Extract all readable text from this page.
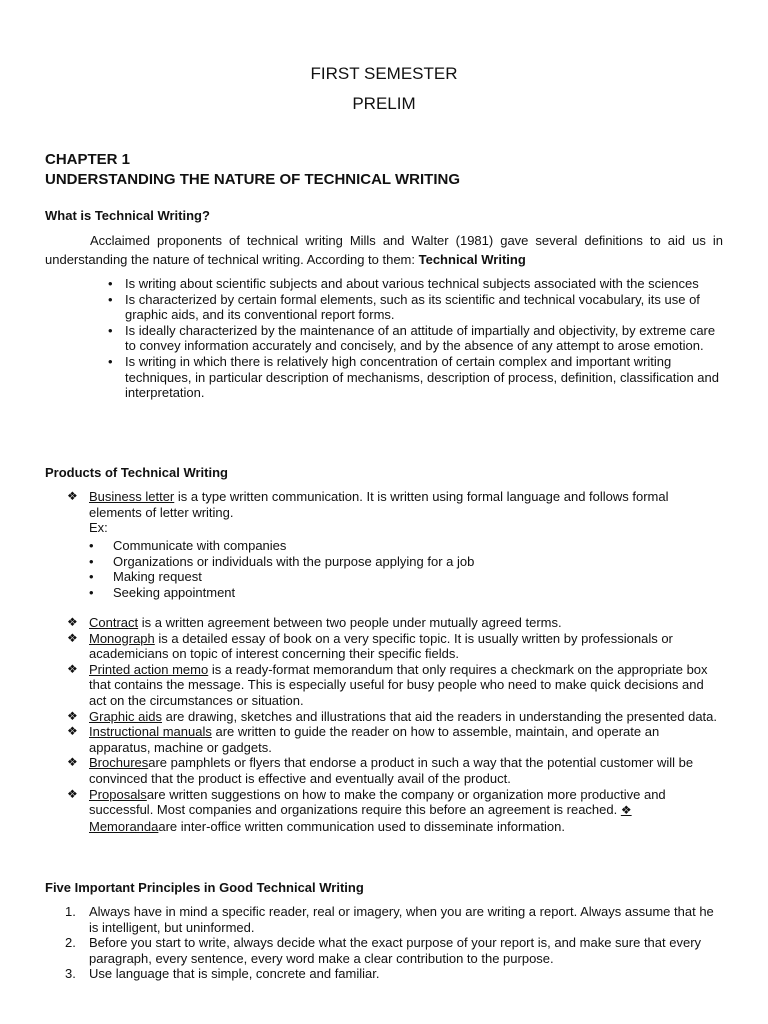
FIRST SEMESTER
PRELIM
CHAPTER 1
UNDERSTANDING THE NATURE OF TECHNICAL WRITING
What is Technical Writing?
Acclaimed proponents of technical writing Mills and Walter (1981) gave several definitions to aid us in understanding the nature of technical writing. According to them: Technical Writing
• Is writing about scientific subjects and about various technical subjects associated with the sciences
• Is characterized by certain formal elements, such as its scientific and technical vocabulary, its use of graphic aids, and its conventional report forms.
• Is ideally characterized by the maintenance of an attitude of impartially and objectivity, by extreme care to convey information accurately and concisely, and by the absence of any attempt to arose emotion.
• Is writing in which there is relatively high concentration of certain complex and important writing techniques, in particular description of mechanisms, description of process, definition, classification and interpretation.
Products of Technical Writing
❖ Business letter is a type written communication. It is written using formal language and follows formal elements of letter writing.
Ex:
• Communicate with companies
• Organizations or individuals with the purpose applying for a job
• Making request
• Seeking appointment
❖ Contract is a written agreement between two people under mutually agreed terms.
❖ Monograph is a detailed essay of book on a very specific topic. It is usually written by professionals or academicians on topic of interest concerning their specific fields.
❖ Printed action memo is a ready-format memorandum that only requires a checkmark on the appropriate box that contains the message. This is especially useful for busy people who need to make quick decisions and act on the circumstances or situation.
❖ Graphic aids are drawing, sketches and illustrations that aid the readers in understanding the presented data.
❖ Instructional manuals are written to guide the reader on how to assemble, maintain, and operate an apparatus, machine or gadgets.
❖ Brochuresare pamphlets or flyers that endorse a product in such a way that the potential customer will be convinced that the product is effective and eventually avail of the product.
❖ Proposalsare written suggestions on how to make the company or organization more productive and successful. Most companies and organizations require this before an agreement is reached. ❖
Memorandaare inter-office written communication used to disseminate information.
Five Important Principles in Good Technical Writing
1. Always have in mind a specific reader, real or imagery, when you are writing a report. Always assume that he is intelligent, but uninformed.
2. Before you start to write, always decide what the exact purpose of your report is, and make sure that every paragraph, every sentence, every word make a clear contribution to the purpose.
3. Use language that is simple, concrete and familiar.
